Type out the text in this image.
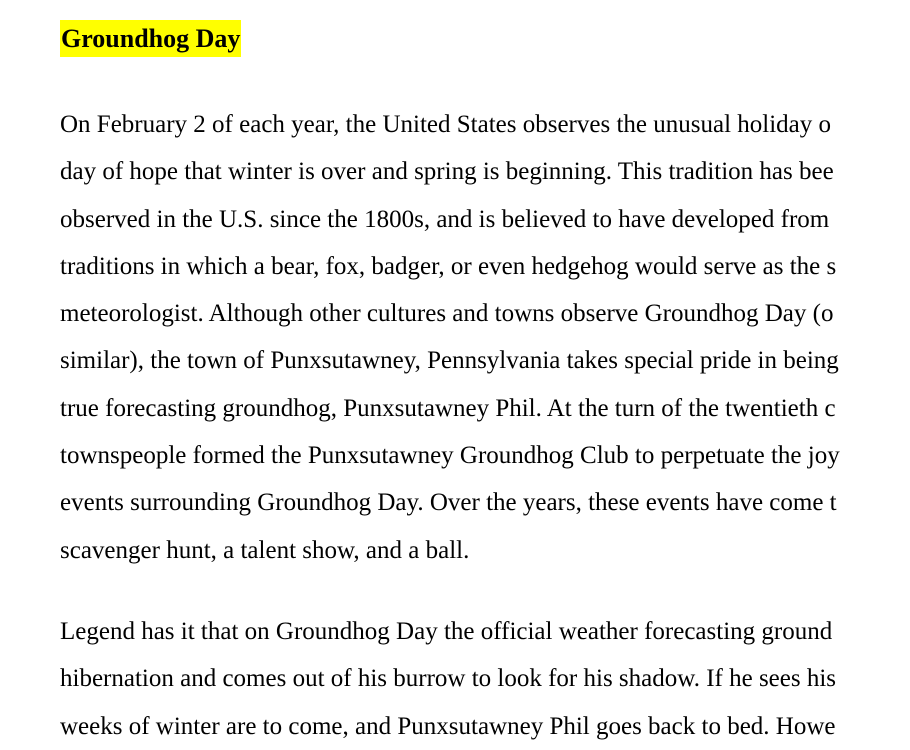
Groundhog Day
On February 2 of each year, the United States observes the unusual holiday o
day of hope that winter is over and spring is beginning. This tradition has bee
observed in the U.S. since the 1800s, and is believed to have developed from
traditions in which a bear, fox, badger, or even hedgehog would serve as the s
meteorologist. Although other cultures and towns observe Groundhog Day (o
similar), the town of Punxsutawney, Pennsylvania takes special pride in being
true forecasting groundhog, Punxsutawney Phil. At the turn of the twentieth c
townspeople formed the Punxsutawney Groundhog Club to perpetuate the joy
events surrounding Groundhog Day. Over the years, these events have come t
scavenger hunt, a talent show, and a ball.
Legend has it that on Groundhog Day the official weather forecasting ground
hibernation and comes out of his burrow to look for his shadow. If he sees his
weeks of winter are to come, and Punxsutawney Phil goes back to bed. Howe
